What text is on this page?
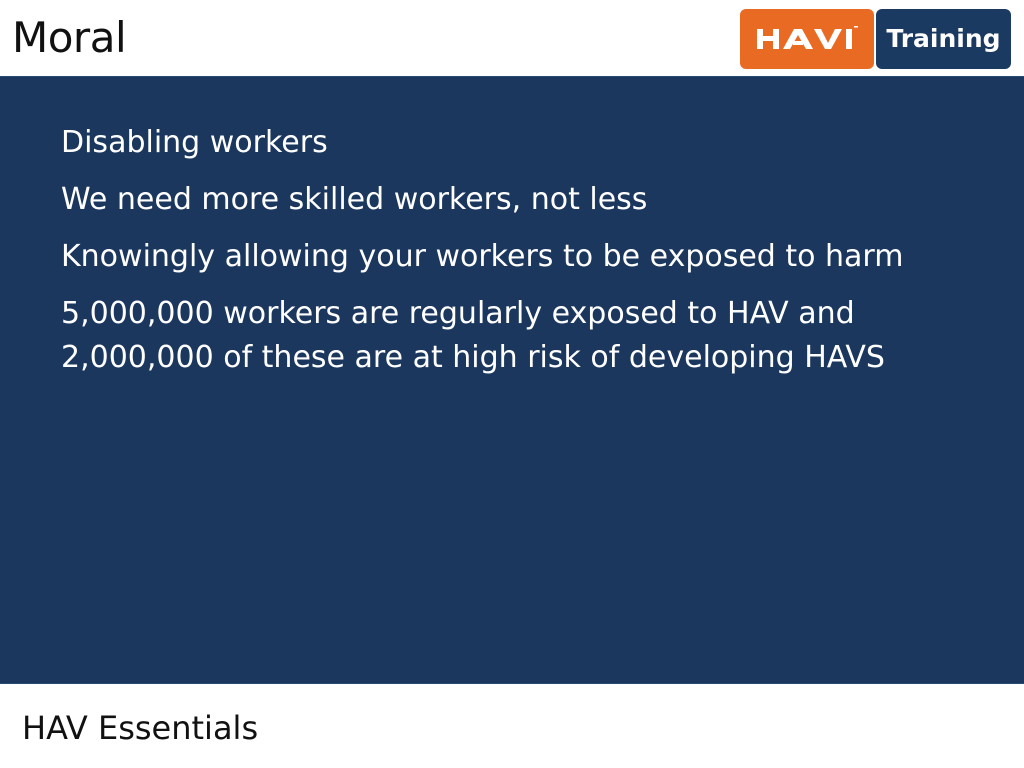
Moral	Training
Disabling workers
We need more skilled workers, not less
Knowingly allowing your workers to be exposed to harm
5,000,000 workers are regularly exposed to HAV and 2,000,000 of these are at high risk of developing HAVS
HAV Essentials
